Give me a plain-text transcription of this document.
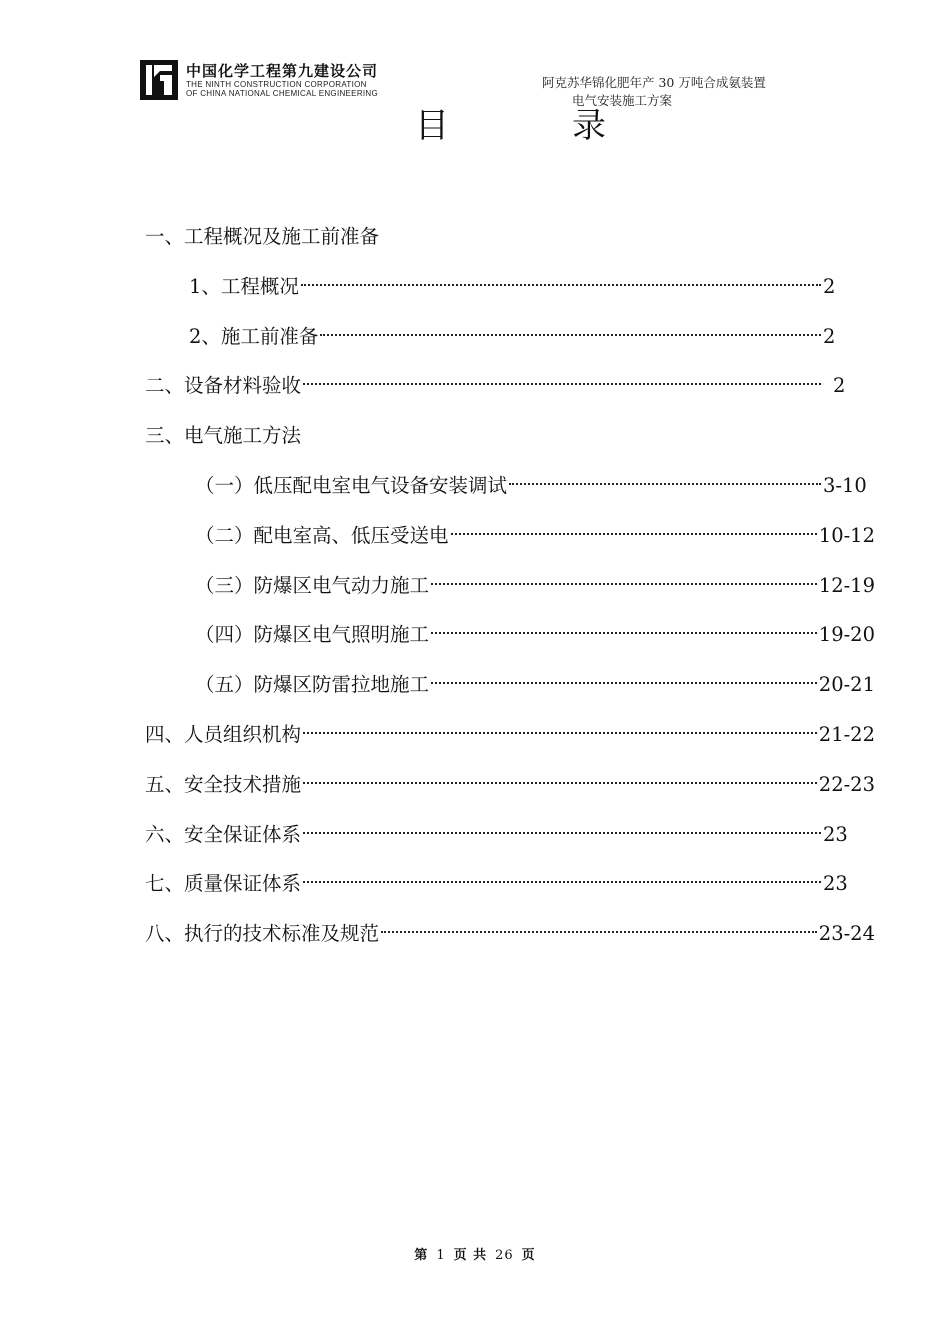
中国化学工程第九建设公司
THE NINTH CONSTRUCTION CORPORATION
OF CHINA NATIONAL CHEMICAL ENGINEERING
阿克苏华锦化肥年产 30 万吨合成氨装置
电气安装施工方案
目	录
一、工程概况及施工前准备
1、工程概况	2
2、施工前准备	2
二、设备材料验收	2
三、电气施工方法
（一）低压配电室电气设备安装调试	3-10
（二）配电室高、低压受送电	10-12
（三）防爆区电气动力施工	12-19
（四）防爆区电气照明施工	19-20
（五）防爆区防雷拉地施工	20-21
四、人员组织机构	21-22
五、安全技术措施	22-23
六、安全保证体系	23
七、质量保证体系	23
八、执行的技术标准及规范	23-24
第 1 页 共 26 页
